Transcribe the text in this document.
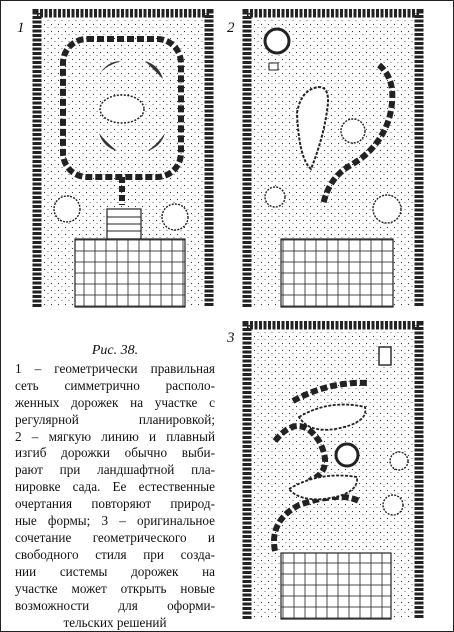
1	2
3
Рис. 38.
1 – геометрически правильная
сеть симметрично располо-
женных дорожек на участке с
регулярной планировкой;
2 – мягкую линию и плавный
изгиб дорожки обычно выби-
рают при ландшафтной пла-
нировке сада. Ее естественные
очертания повторяют природ-
ные формы; 3 – оригинальное
сочетание геометрического и
свободного стиля при созда-
нии системы дорожек на
участке может открыть новые
возможности для оформи-
тельских решений
